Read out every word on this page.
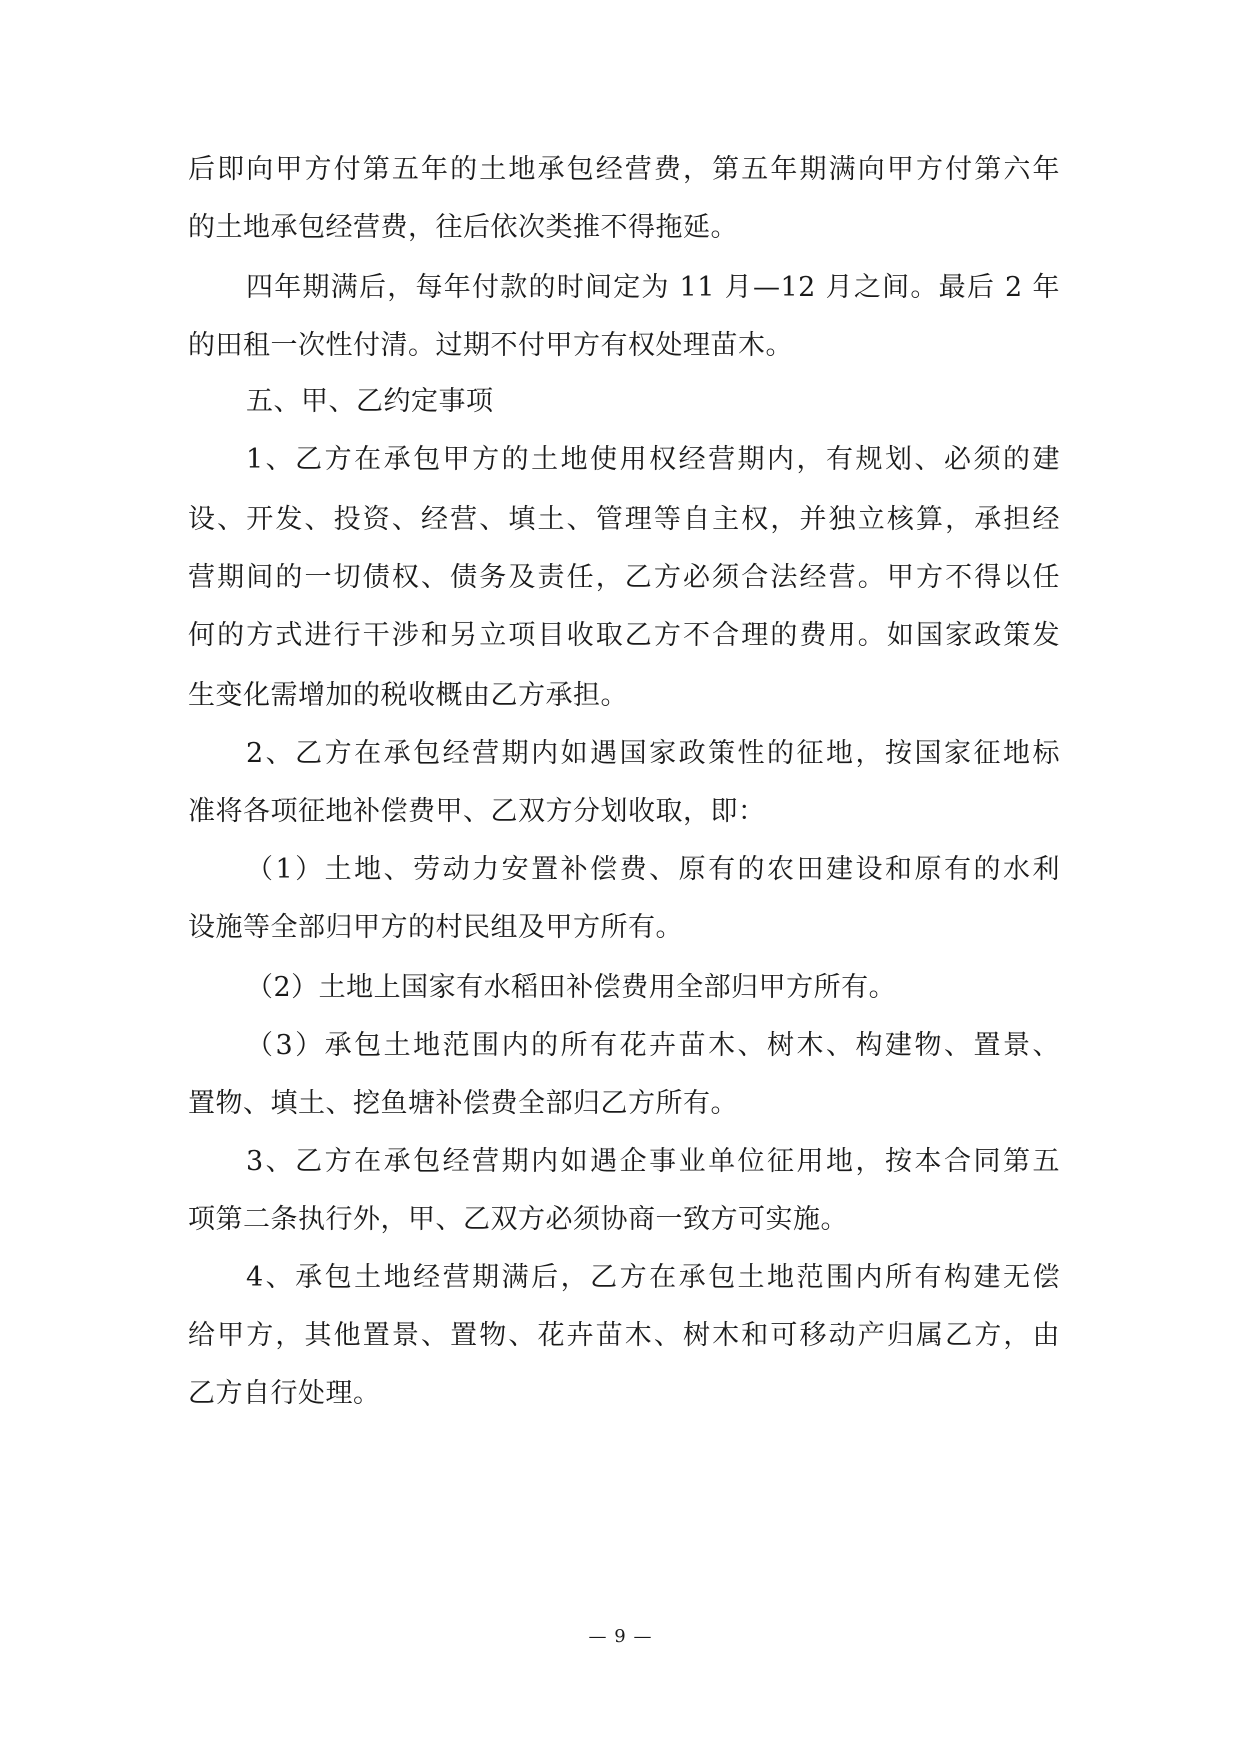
后即向甲方付第五年的土地承包经营费，第五年期满向甲方付第六年
的土地承包经营费，往后依次类推不得拖延。
四年期满后，每年付款的时间定为 11 月—12 月之间。最后 2 年
的田租一次性付清。过期不付甲方有权处理苗木。
五、甲、乙约定事项
1、乙方在承包甲方的土地使用权经营期内，有规划、必须的建
设、开发、投资、经营、填土、管理等自主权，并独立核算，承担经
营期间的一切债权、债务及责任，乙方必须合法经营。甲方不得以任
何的方式进行干涉和另立项目收取乙方不合理的费用。如国家政策发
生变化需增加的税收概由乙方承担。
2、乙方在承包经营期内如遇国家政策性的征地，按国家征地标
准将各项征地补偿费甲、乙双方分划收取，即：
（1）土地、劳动力安置补偿费、原有的农田建设和原有的水利
设施等全部归甲方的村民组及甲方所有。
（2）土地上国家有水稻田补偿费用全部归甲方所有。
（3）承包土地范围内的所有花卉苗木、树木、构建物、置景、
置物、填土、挖鱼塘补偿费全部归乙方所有。
3、乙方在承包经营期内如遇企事业单位征用地，按本合同第五
项第二条执行外，甲、乙双方必须协商一致方可实施。
4、承包土地经营期满后，乙方在承包土地范围内所有构建无偿
给甲方，其他置景、置物、花卉苗木、树木和可移动产归属乙方，由
乙方自行处理。
— 9 —
